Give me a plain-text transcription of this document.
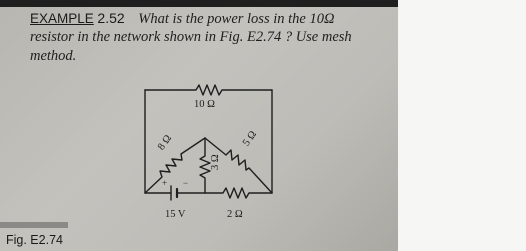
EXAMPLE 2.52 What is the power loss in the 10Ω
resistor in the network shown in Fig. E2.74 ? Use mesh
method.
10 Ω
8 Ω
3 Ω
5 Ω
2 Ω
15 V
+ −
Fig. E2.74
